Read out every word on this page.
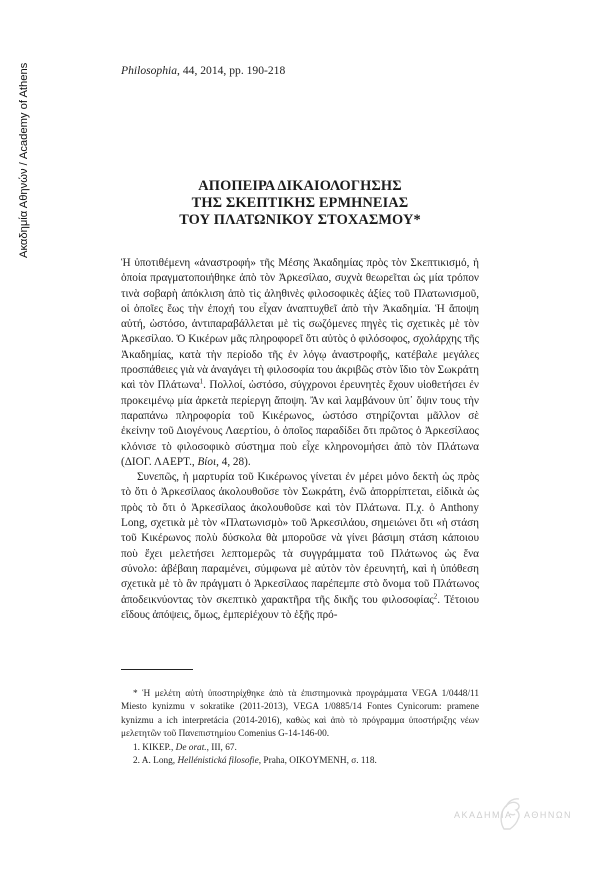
Ακαδημία Αθηνών / Academy of Athens	Philosophia, 44, 2014, pp. 190-218
ΑΠΟΠΕΙΡΑ ΔΙΚΑΙΟΛΟΓΗΣΗΣ
ΤΗΣ ΣΚΕΠΤΙΚΗΣ ΕΡΜΗΝΕΙΑΣ
ΤΟΥ ΠΛΑΤΩΝΙΚΟΥ ΣΤΟΧΑΣΜΟΥ*

Ἡ ὑποτιθέμενη «ἀναστροφή» τῆς Μέσης Ἀκαδημίας πρὸς τὸν Σκεπτικισμό, ἡ ὁποία πραγματοποιήθηκε ἀπὸ τὸν Ἀρκεσίλαο, συχνὰ θεωρεῖται ὡς μία τρόπον τινὰ σοβαρὴ ἀπόκλιση ἀπὸ τὶς ἀληθινὲς φιλοσοφικὲς ἀξίες τοῦ Πλατωνισμοῦ, οἱ ὁποῖες ἕως τὴν ἐποχή του εἶχαν ἀναπτυχθεῖ ἀπὸ τὴν Ἀκαδημία. Ἡ ἄποψη αὐτή, ὡστόσο, ἀντιπαραβάλλεται μὲ τὶς σωζόμενες πηγὲς τὶς σχετικὲς μὲ τὸν Ἀρκεσίλαο. Ὁ Κικέρων μᾶς πληροφορεῖ ὅτι αὐτὸς ὁ φιλόσοφος, σχολάρχης τῆς Ἀκαδημίας, κατὰ τὴν περίοδο τῆς ἐν λόγῳ ἀναστροφῆς, κατέβαλε μεγάλες προσπάθειες γιὰ νὰ ἀναγάγει τὴ φιλοσοφία του ἀκριβῶς στὸν ἴδιο τὸν Σωκράτη καὶ τὸν Πλάτωνα$^1$. Πολλοί, ὡστόσο, σύγχρονοι ἐρευνητὲς ἔχουν υἱοθετήσει ἐν προκειμένῳ μία ἀρκετὰ περίεργη ἄποψη. Ἂν καὶ λαμβάνουν ὑπ᾽ ὄψιν τους τὴν παραπάνω πληροφορία τοῦ Κικέρωνος, ὡστόσο στηρίζονται μᾶλλον σὲ ἐκείνην τοῦ Διογένους Λαερτίου, ὁ ὁποῖος παραδίδει ὅτι πρῶτος ὁ Ἀρκεσίλαος κλόνισε τὸ φιλοσοφικὸ σύστημα ποὺ εἶχε κληρονομήσει ἀπὸ τὸν Πλάτωνα (ΔΙΟΓ. ΛΑΕΡΤ., Βίοι, 4, 28).

Συνεπῶς, ἡ μαρτυρία τοῦ Κικέρωνος γίνεται ἐν μέρει μόνο δεκτὴ ὡς πρὸς τὸ ὅτι ὁ Ἀρκεσίλαος ἀκολουθοῦσε τὸν Σωκράτη, ἐνῶ ἀπορρίπτεται, εἰδικὰ ὡς πρὸς τὸ ὅτι ὁ Ἀρκεσίλαος ἀκολουθοῦσε καὶ τὸν Πλάτωνα. Π.χ. ὁ Anthony Long, σχετικὰ μὲ τὸν «Πλατωνισμὸ» τοῦ Ἀρκεσιλάου, σημειώνει ὅτι «ἡ στάση τοῦ Κικέρωνος πολὺ δύσκολα θὰ μποροῦσε νὰ γίνει βάσιμη στάση κάποιου ποὺ ἔχει μελετήσει λεπτομερῶς τὰ συγγράμματα τοῦ Πλάτωνος ὡς ἕνα σύνολο: ἀβέβαιη παραμένει, σύμφωνα μὲ αὐτὸν τὸν ἐρευνητή, καὶ ἡ ὑπόθεση σχετικὰ μὲ τὸ ἂν πράγματι ὁ Ἀρκεσίλαος παρέπεμπε στὸ ὄνομα τοῦ Πλάτωνος ἀποδεικνύοντας τὸν σκεπτικὸ χαρακτῆρα τῆς δικῆς του φιλοσοφίας$^2$. Τέτοιου εἴδους ἀπόψεις, ὅμως, ἐμπερiέχουν τὸ ἑξῆς πρό-

* Ἡ μελέτη αὐτὴ ὑποστηρίχθηκε ἀπὸ τὰ ἐπιστημονικὰ προγράμματα VEGA 1/0448/11 Miesto kynizmu v sokratike (2011-2013), VEGA 1/0885/14 Fontes Cynicorum: pramene kynizmu a ich interpretácia (2014-2016), καθὼς καὶ ἀπὸ τὸ πρόγραμμα ὑποστήριξης νέων μελετητῶν τοῦ Πανεπιστημίου Comenius G-14-146-00.

1. ΚΙΚΕΡ., De orat., III, 67.

2. A. Long, Hellénistická filosofie, Praha, OIKOYMENH, σ. 118.

ΑΚΑΔΗΜΙΑ ΑΘΗΝΩΝ
